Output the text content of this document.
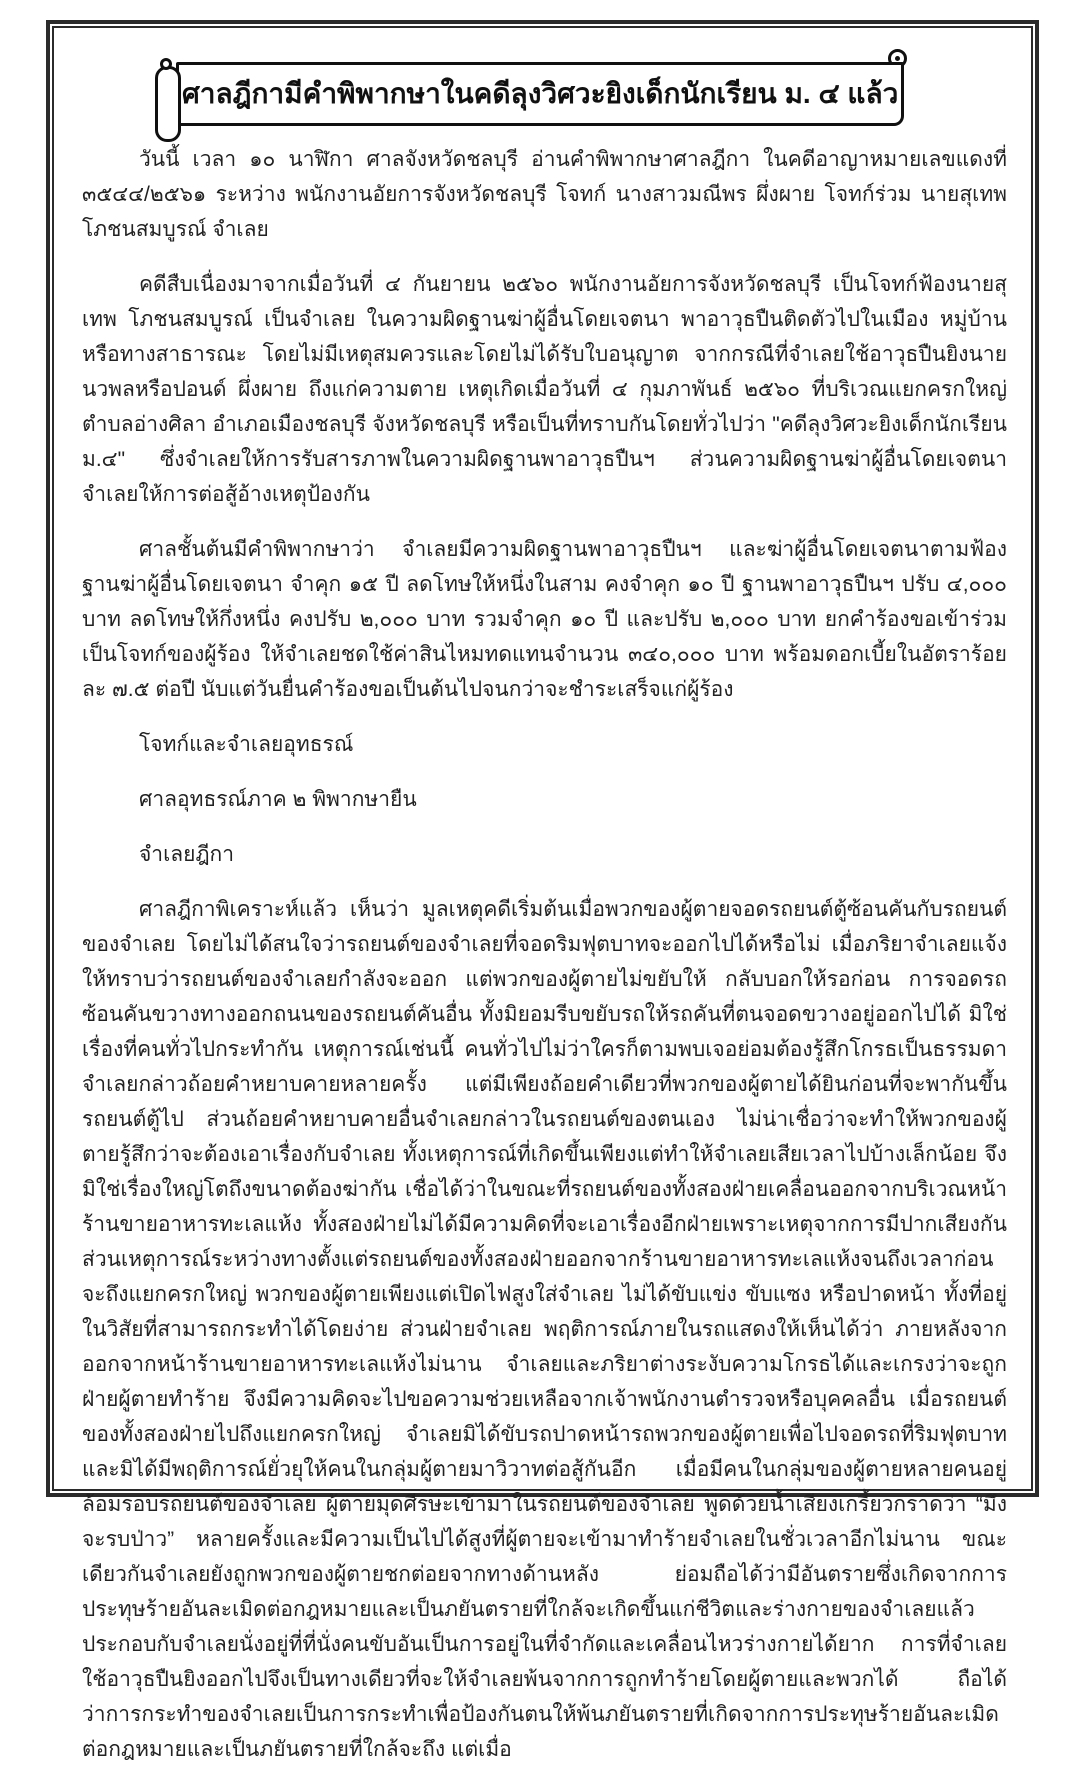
ศาลฎีกามีคำพิพากษาในคดีลุงวิศวะยิงเด็กนักเรียน ม. ๔ แล้ว

วันนี้ เวลา ๑๐ นาฬิกา ศาลจังหวัดชลบุรี อ่านคำพิพากษาศาลฎีกา ในคดีอาญาหมายเลขแดงที่ ๓๕๔๔/๒๕๖๑ ระหว่าง พนักงานอัยการจังหวัดชลบุรี โจทก์ นางสาวมณีพร ผึ่งผาย โจทก์ร่วม นายสุเทพ โภชนสมบูรณ์ จำเลย

คดีสืบเนื่องมาจากเมื่อวันที่ ๔ กันยายน ๒๕๖๐ พนักงานอัยการจังหวัดชลบุรี เป็นโจทก์ฟ้องนายสุเทพ โภชนสมบูรณ์ เป็นจำเลย ในความผิดฐานฆ่าผู้อื่นโดยเจตนา พาอาวุธปืนติดตัวไปในเมือง หมู่บ้าน หรือทางสาธารณะ โดยไม่มีเหตุสมควรและโดยไม่ได้รับใบอนุญาต จากกรณีที่จำเลยใช้อาวุธปืนยิงนายนวพลหรือปอนด์ ผึ่งผาย ถึงแก่ความตาย เหตุเกิดเมื่อวันที่ ๔ กุมภาพันธ์ ๒๕๖๐ ที่บริเวณแยกครกใหญ่ ตำบลอ่างศิลา อำเภอเมืองชลบุรี จังหวัดชลบุรี หรือเป็นที่ทราบกันโดยทั่วไปว่า "คดีลุงวิศวะยิงเด็กนักเรียน ม.๔" ซึ่งจำเลยให้การรับสารภาพในความผิดฐานพาอาวุธปืนฯ ส่วนความผิดฐานฆ่าผู้อื่นโดยเจตนา จำเลยให้การต่อสู้อ้างเหตุป้องกัน

ศาลชั้นต้นมีคำพิพากษาว่า จำเลยมีความผิดฐานพาอาวุธปืนฯ และฆ่าผู้อื่นโดยเจตนาตามฟ้อง ฐานฆ่าผู้อื่นโดยเจตนา จำคุก ๑๕ ปี ลดโทษให้หนึ่งในสาม คงจำคุก ๑๐ ปี ฐานพาอาวุธปืนฯ ปรับ ๔,๐๐๐ บาท ลดโทษให้กึ่งหนึ่ง คงปรับ ๒,๐๐๐ บาท รวมจำคุก ๑๐ ปี และปรับ ๒,๐๐๐ บาท ยกคำร้องขอเข้าร่วมเป็นโจทก์ของผู้ร้อง ให้จำเลยชดใช้ค่าสินไหมทดแทนจำนวน ๓๔๐,๐๐๐ บาท พร้อมดอกเบี้ยในอัตราร้อยละ ๗.๕ ต่อปี นับแต่วันยื่นคำร้องขอเป็นต้นไปจนกว่าจะชำระเสร็จแก่ผู้ร้อง

โจทก์และจำเลยอุทธรณ์

ศาลอุทธรณ์ภาค ๒ พิพากษายืน

จำเลยฎีกา

ศาลฎีกาพิเคราะห์แล้ว เห็นว่า มูลเหตุคดีเริ่มต้นเมื่อพวกของผู้ตายจอดรถยนต์ตู้ซ้อนคันกับรถยนต์ของจำเลย โดยไม่ได้สนใจว่ารถยนต์ของจำเลยที่จอดริมฟุตบาทจะออกไปได้หรือไม่ เมื่อภริยาจำเลยแจ้งให้ทราบว่ารถยนต์ของจำเลยกำลังจะออก แต่พวกของผู้ตายไม่ขยับให้ กลับบอกให้รอก่อน การจอดรถซ้อนคันขวางทางออกถนนของรถยนต์คันอื่น ทั้งมิยอมรีบขยับรถให้รถคันที่ตนจอดขวางอยู่ออกไปได้ มิใช่เรื่องที่คนทั่วไปกระทำกัน เหตุการณ์เช่นนี้ คนทั่วไปไม่ว่าใครก็ตามพบเจอย่อมต้องรู้สึกโกรธเป็นธรรมดา จำเลยกล่าวถ้อยคำหยาบคายหลายครั้ง แต่มีเพียงถ้อยคำเดียวที่พวกของผู้ตายได้ยินก่อนที่จะพากันขึ้นรถยนต์ตู้ไป ส่วนถ้อยคำหยาบคายอื่นจำเลยกล่าวในรถยนต์ของตนเอง ไม่น่าเชื่อว่าจะทำให้พวกของผู้ตายรู้สึกว่าจะต้องเอาเรื่องกับจำเลย ทั้งเหตุการณ์ที่เกิดขึ้นเพียงแต่ทำให้จำเลยเสียเวลาไปบ้างเล็กน้อย จึงมิใช่เรื่องใหญ่โตถึงขนาดต้องฆ่ากัน เชื่อได้ว่าในขณะที่รถยนต์ของทั้งสองฝ่ายเคลื่อนออกจากบริเวณหน้าร้านขายอาหารทะเลแห้ง ทั้งสองฝ่ายไม่ได้มีความคิดที่จะเอาเรื่องอีกฝ่ายเพราะเหตุจากการมีปากเสียงกัน ส่วนเหตุการณ์ระหว่างทางตั้งแต่รถยนต์ของทั้งสองฝ่ายออกจากร้านขายอาหารทะเลแห้งจนถึงเวลาก่อนจะถึงแยกครกใหญ่ พวกของผู้ตายเพียงแต่เปิดไฟสูงใส่จำเลย ไม่ได้ขับแข่ง ขับแซง หรือปาดหน้า ทั้งที่อยู่ในวิสัยที่สามารถกระทำได้โดยง่าย ส่วนฝ่ายจำเลย พฤติการณ์ภายในรถแสดงให้เห็นได้ว่า ภายหลังจากออกจากหน้าร้านขายอาหารทะเลแห้งไม่นาน จำเลยและภริยาต่างระงับความโกรธได้และเกรงว่าจะถูกฝ่ายผู้ตายทำร้าย จึงมีความคิดจะไปขอความช่วยเหลือจากเจ้าพนักงานตำรวจหรือบุคคลอื่น เมื่อรถยนต์ของทั้งสองฝ่ายไปถึงแยกครกใหญ่ จำเลยมิได้ขับรถปาดหน้ารถพวกของผู้ตายเพื่อไปจอดรถที่ริมฟุตบาทและมิได้มีพฤติการณ์ยั่วยุให้คนในกลุ่มผู้ตายมาวิวาทต่อสู้กันอีก เมื่อมีคนในกลุ่มของผู้ตายหลายคนอยู่ล้อมรอบรถยนต์ของจำเลย ผู้ตายมุดศีรษะเข้ามาในรถยนต์ของจำเลย พูดด้วยน้ำเสียงเกรี้ยวกราดว่า “มึงจะรบป่าว” หลายครั้งและมีความเป็นไปได้สูงที่ผู้ตายจะเข้ามาทำร้ายจำเลยในชั่วเวลาอีกไม่นาน ขณะเดียวกันจำเลยยังถูกพวกของผู้ตายชกต่อยจากทางด้านหลัง ย่อมถือได้ว่ามีอันตรายซึ่งเกิดจากการประทุษร้ายอันละเมิดต่อกฎหมายและเป็นภยันตรายที่ใกล้จะเกิดขึ้นแก่ชีวิตและร่างกายของจำเลยแล้ว ประกอบกับจำเลยนั่งอยู่ที่ที่นั่งคนขับอันเป็นการอยู่ในที่จำกัดและเคลื่อนไหวร่างกายได้ยาก การที่จำเลยใช้อาวุธปืนยิงออกไปจึงเป็นทางเดียวที่จะให้จำเลยพ้นจากการถูกทำร้ายโดยผู้ตายและพวกได้ ถือได้ว่าการกระทำของจำเลยเป็นการกระทำเพื่อป้องกันตนให้พ้นภยันตรายที่เกิดจากการประทุษร้ายอันละเมิดต่อกฎหมายและเป็นภยันตรายที่ใกล้จะถึง แต่เมื่อ
